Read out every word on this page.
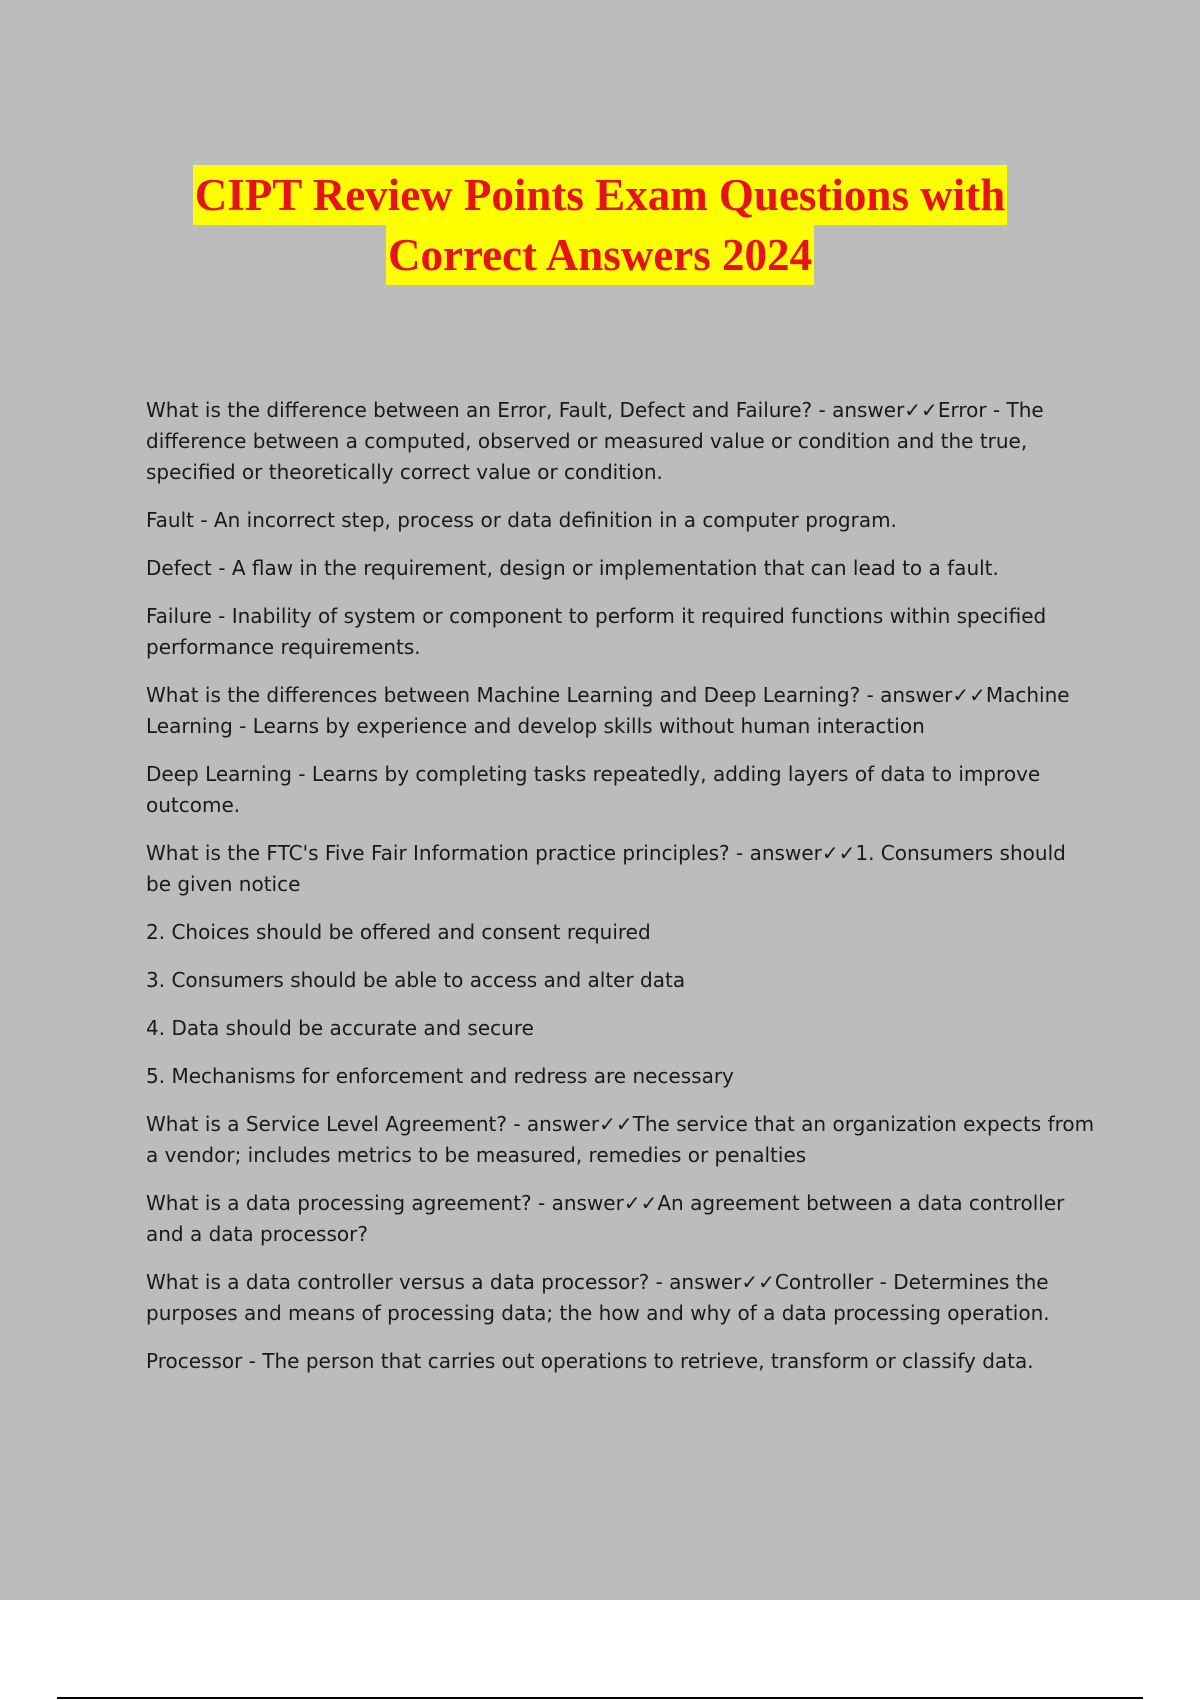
CIPT Review Points Exam Questions with
Correct Answers 2024

What is the difference between an Error, Fault, Defect and Failure? - answer✓✓Error - The difference between a computed, observed or measured value or condition and the true, specified or theoretically correct value or condition.

Fault - An incorrect step, process or data definition in a computer program.

Defect - A flaw in the requirement, design or implementation that can lead to a fault.

Failure - Inability of system or component to perform it required functions within specified performance requirements.

What is the differences between Machine Learning and Deep Learning? - answer✓✓Machine Learning - Learns by experience and develop skills without human interaction

Deep Learning - Learns by completing tasks repeatedly, adding layers of data to improve outcome.

What is the FTC's Five Fair Information practice principles? - answer✓✓1. Consumers should be given notice

2. Choices should be offered and consent required

3. Consumers should be able to access and alter data

4. Data should be accurate and secure

5. Mechanisms for enforcement and redress are necessary

What is a Service Level Agreement? - answer✓✓The service that an organization expects from a vendor; includes metrics to be measured, remedies or penalties

What is a data processing agreement? - answer✓✓An agreement between a data controller and a data processor?

What is a data controller versus a data processor? - answer✓✓Controller - Determines the purposes and means of processing data; the how and why of a data processing operation.

Processor - The person that carries out operations to retrieve, transform or classify data.
